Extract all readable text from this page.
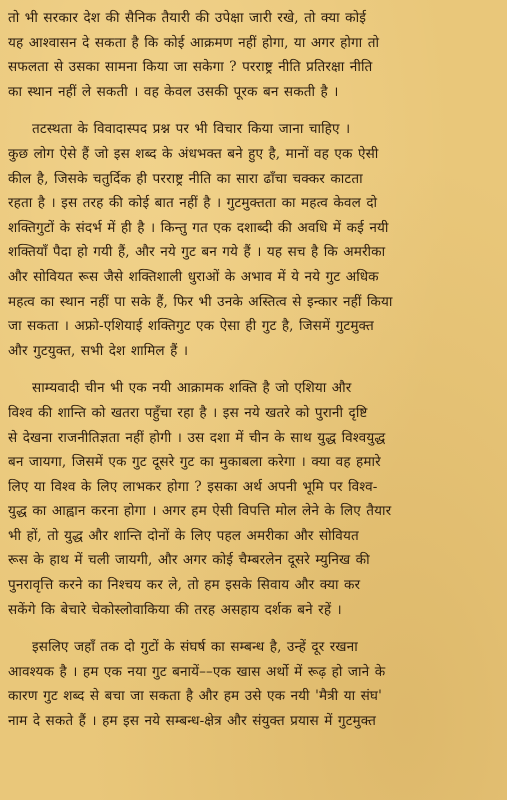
तो भी सरकार देश की सैनिक तैयारी की उपेक्षा जारी रखे, तो क्या कोई
यह आश्वासन दे सकता है कि कोई आक्रमण नहीं होगा, या अगर होगा तो
सफलता से उसका सामना किया जा सकेगा ? परराष्ट्र नीति प्रतिरक्षा नीति
का स्थान नहीं ले सकती । वह केवल उसकी पूरक बन सकती है ।
तटस्थता के विवादास्पद प्रश्न पर भी विचार किया जाना चाहिए ।
कुछ लोग ऐसे हैं जो इस शब्द के अंधभक्त बने हुए है, मानों वह एक ऐसी
कील है, जिसके चतुर्दिक ही परराष्ट्र नीति का सारा ढाँचा चक्कर काटता
रहता है । इस तरह की कोई बात नहीं है । गुटमुक्तता का महत्व केवल दो
शक्तिगुटों के संदर्भ में ही है । किन्तु गत एक दशाब्दी की अवधि में कई नयी
शक्तियाँ पैदा हो गयी हैं, और नये गुट बन गये हैं । यह सच है कि अमरीका
और सोवियत रूस जैसे शक्तिशाली धुराओं के अभाव में ये नये गुट अधिक
महत्व का स्थान नहीं पा सके हैं, फिर भी उनके अस्तित्व से इन्कार नहीं किया
जा सकता । अफ्रो-एशियाई शक्तिगुट एक ऐसा ही गुट है, जिसमें गुटमुक्त
और गुटयुक्त, सभी देश शामिल हैं ।
साम्यवादी चीन भी एक नयी आक्रामक शक्ति है जो एशिया और
विश्व की शान्ति को खतरा पहुँचा रहा है । इस नये खतरे को पुरानी दृष्टि
से देखना राजनीतिज्ञता नहीं होगी । उस दशा में चीन के साथ युद्ध विश्वयुद्ध
बन जायगा, जिसमें एक गुट दूसरे गुट का मुकाबला करेगा । क्या वह हमारे
लिए या विश्व के लिए लाभकर होगा ? इसका अर्थ अपनी भूमि पर विश्व-
युद्ध का आह्वान करना होगा । अगर हम ऐसी विपत्ति मोल लेने के लिए तैयार
भी हों, तो युद्ध और शान्ति दोनों के लिए पहल अमरीका और सोवियत
रूस के हाथ में चली जायगी, और अगर कोई चैम्बरलेन दूसरे म्युनिख की
पुनरावृत्ति करने का निश्चय कर ले, तो हम इसके सिवाय और क्या कर
सकेंगे कि बेचारे चेकोस्लोवाकिया की तरह असहाय दर्शक बने रहें ।
इसलिए जहाँ तक दो गुटों के संघर्ष का सम्बन्ध है, उन्हें दूर रखना
आवश्यक है । हम एक नया गुट बनायें––एक खास अर्थो में रूढ़ हो जाने के
कारण गुट शब्द से बचा जा सकता है और हम उसे एक नयी 'मैत्री या संघ'
नाम दे सकते हैं । हम इस नये सम्बन्ध-क्षेत्र और संयुक्त प्रयास में गुटमुक्त
